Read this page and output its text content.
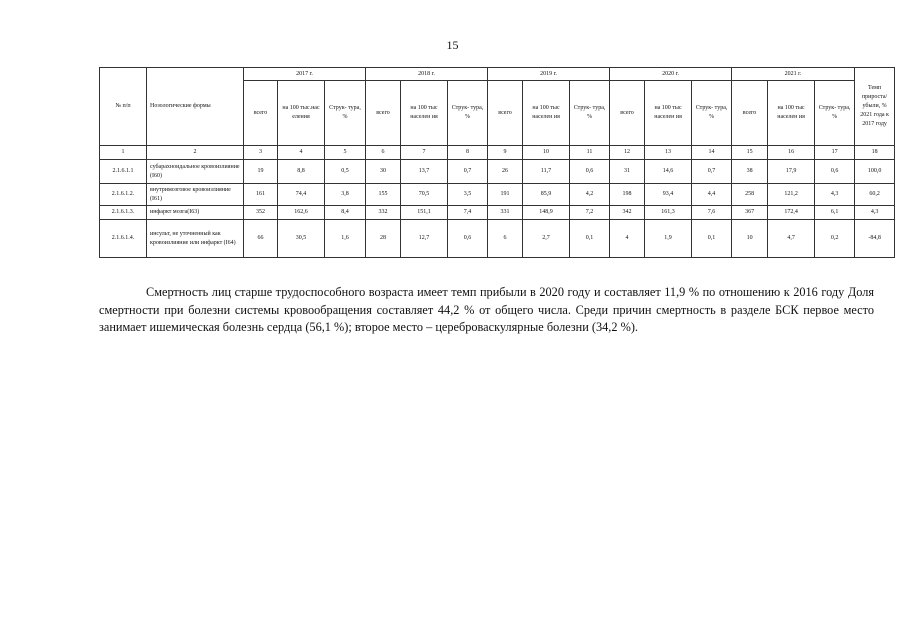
15
№ п/п	Нозологические формы	2017 г.			2018 г.			2019 г.			2020 г.			2021 г.			Темп прироста/ убыли, % 2021 года к 2017 году
		всего	на 100 тыс.нас еления	Струк- тура, %	всего	на 100 тыс населен ия	Струк- тура, %	всего	на 100 тыс населен ия	Струк- тура, %	всего	на 100 тыс населен ия	Струк- тура, %	всего	на 100 тыс населен ия	Струк- тура, %	
1	2	3	4	5	6	7	8	9	10	11	12	13	14	15	16	17	18
2.1.6.1.1	субарахноидальное кровоизлияние (I60)	19	8,8	0,5	30	13,7	0,7	26	11,7	0,6	31	14,6	0,7	38	17,9	0,6	100,0
2.1.6.1.2.	внутримозговое кровоизлияние (I61)	161	74,4	3,8	155	70,5	3,5	191	85,9	4,2	198	93,4	4,4	258	121,2	4,3	60,2
2.1.6.1.3.	инфаркт мозга(I63)	352	162,6	8,4	332	151,1	7,4	331	148,9	7,2	342	161,3	7,6	367	172,4	6,1	4,3
2.1.6.1.4.	инсульт, не уточненный как кровоизлияние или инфаркт (I64)	66	30,5	1,6	28	12,7	0,6	6	2,7	0,1	4	1,9	0,1	10	4,7	0,2	-84,8

Смертность лиц старше трудоспособного возраста имеет темп прибыли в 2020 году и составляет 11,9 % по отношению к 2016 году Доля смертности при болезни системы кровообращения составляет 44,2 % от общего числа. Среди причин смертность в разделе БСК первое место занимает ишемическая болезнь сердца (56,1 %); второе место – цереброваскулярные болезни (34,2 %).
